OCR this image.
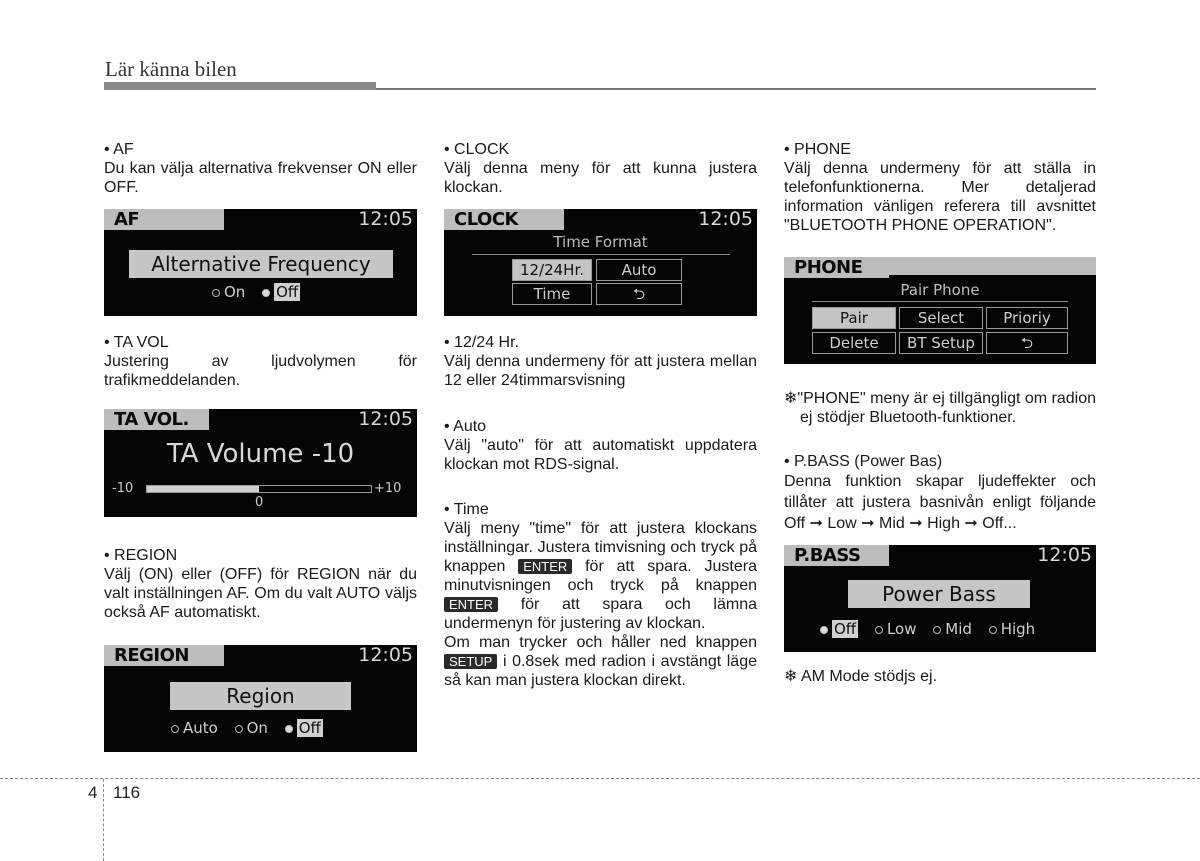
Lär känna bilen

• AF

Du kan välja alternativa frekvenser ON eller OFF.

AF	12:05
Alternative Frequency
On Off

• TA VOL

Justering av ljudvolymen för trafikmeddelanden.

TA VOL.	12:05
TA Volume -10
-10	+10
0

• REGION

Välj (ON) eller (OFF) för REGION när du valt inställningen AF. Om du valt AUTO väljs också AF automatiskt.

REGION	12:05
Region
Auto On Off

• CLOCK

Välj denna meny för att kunna justera klockan.

CLOCK	12:05
Time Format
12/24Hr.	Auto
Time	⮌

• 12/24 Hr.

Välj denna undermeny för att justera mellan 12 eller 24timmarsvisning

• Auto

Välj "auto" för att automatiskt uppdatera klockan mot RDS-signal.

• Time

Välj meny "time" för att justera klockans inställningar. Justera timvisning och tryck på knappen ENTER för att spara. Justera minutvisningen och tryck på knappen ENTER för att spara och lämna undermenyn för justering av klockan.

Om man trycker och håller ned knappen SETUP i 0.8sek med radion i avstängt läge så kan man justera klockan direkt.

• PHONE

Välj denna undermeny för att ställa in telefonfunktionerna. Mer detaljerad information vänligen referera till avsnittet "BLUETOOTH PHONE OPERATION".

PHONE
Pair Phone
Pair	Select	Prioriy
Delete	BT Setup	⮌

❄"PHONE" meny är ej tillgängligt om radion ej stödjer Bluetooth-funktioner.

• P.BASS (Power Bas)

Denna funktion skapar ljudeffekter och tillåter att justera basnivån enligt följande Off ➞ Low ➞ Mid ➞ High ➞ Off...

P.BASS	12:05
Power Bass
Off Low Mid High

❄ AM Mode stödjs ej.

4 116
